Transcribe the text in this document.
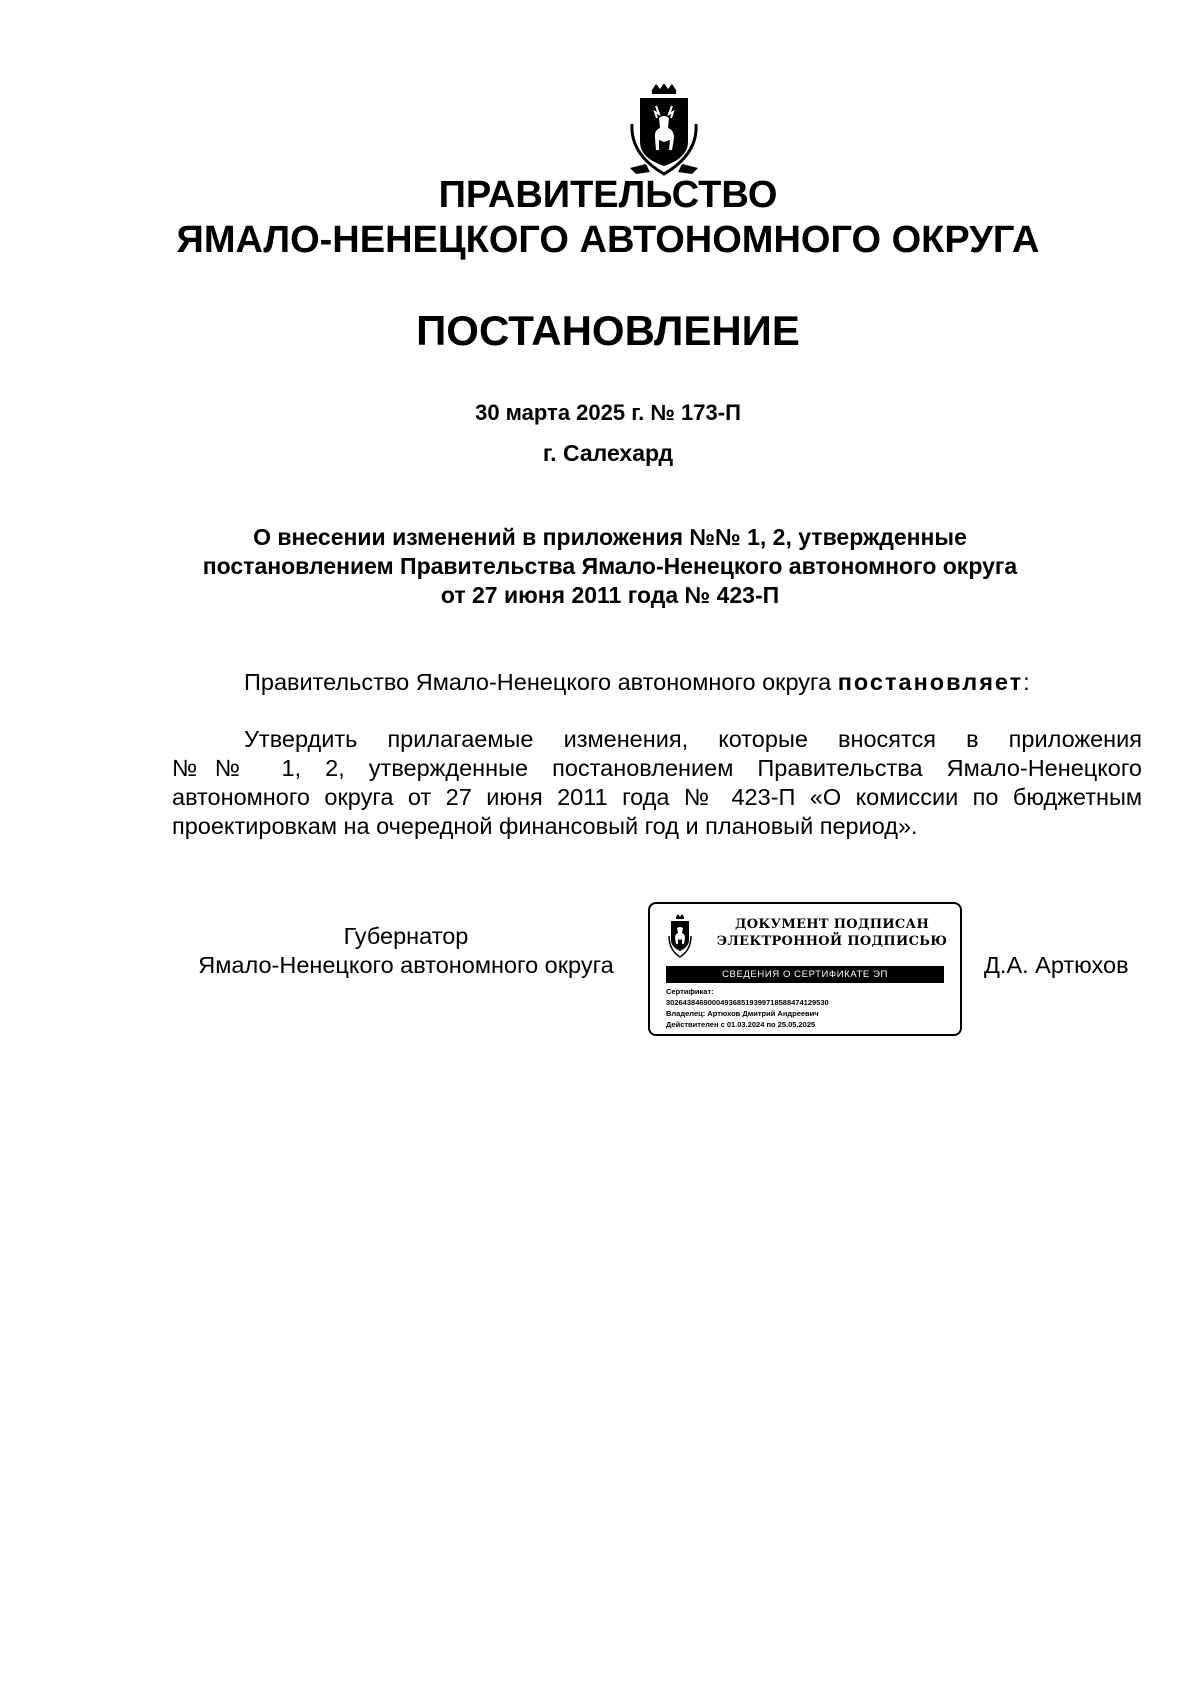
ПРАВИТЕЛЬСТВО
ЯМАЛО-НЕНЕЦКОГО АВТОНОМНОГО ОКРУГА
ПОСТАНОВЛЕНИЕ
30 марта 2025 г. № 173-П
г. Салехард
О внесении изменений в приложения №№ 1, 2, утвержденные
постановлением Правительства Ямало-Ненецкого автономного округа
от 27 июня 2011 года № 423-П
Правительство Ямало-Ненецкого автономного округа постановляет:
Утвердить прилагаемые изменения, которые вносятся в приложения
№№ 1, 2, утвержденные постановлением Правительства Ямало-Ненецкого
автономного округа от 27 июня 2011 года № 423-П «О комиссии по бюджетным
проектировкам на очередной финансовый год и плановый период».
Губернатор
Ямало-Ненецкого автономного округа
ДОКУМЕНТ ПОДПИСАН
ЭЛЕКТРОННОЙ ПОДПИСЬЮ
СВЕДЕНИЯ О СЕРТИФИКАТЕ ЭП
Сертификат:
302643846900049368519399718588474129530
Владелец: Артюхов Дмитрий Андреевич
Действителен с 01.03.2024 по 25.05.2025
Д.А. Артюхов
